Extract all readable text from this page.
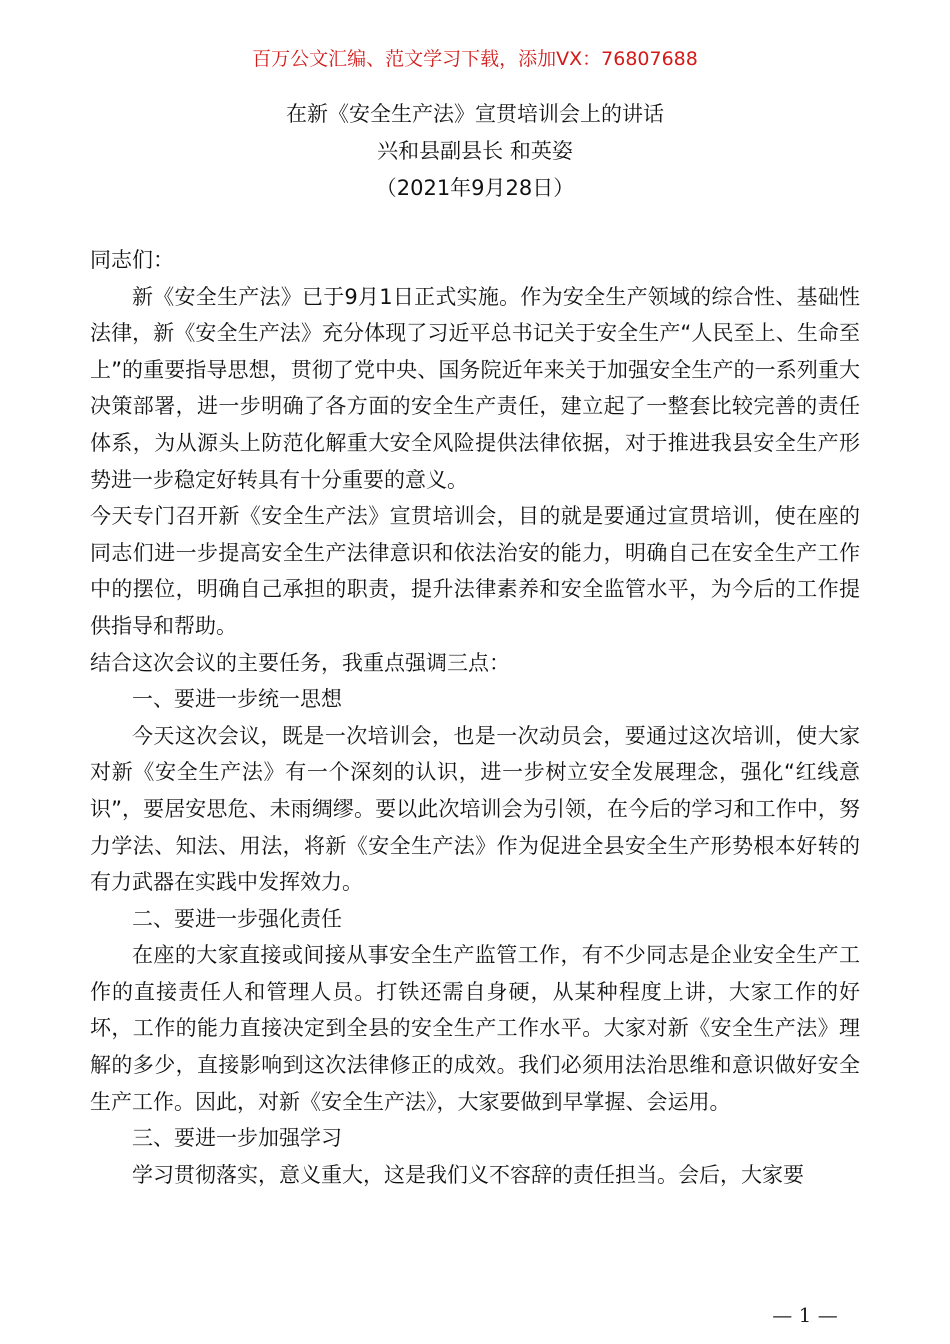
百万公文汇编、范文学习下载，添加VX：76807688
在新《安全生产法》宣贯培训会上的讲话
兴和县副县长 和英姿
（2021年9月28日）

同志们：

新《安全生产法》已于9月1日正式实施。作为安全生产领域的综合性、基础性法律，新《安全生产法》充分体现了习近平总书记关于安全生产“人民至上、生命至上”的重要指导思想，贯彻了党中央、国务院近年来关于加强安全生产的一系列重大决策部署，进一步明确了各方面的安全生产责任，建立起了一整套比较完善的责任体系，为从源头上防范化解重大安全风险提供法律依据，对于推进我县安全生产形势进一步稳定好转具有十分重要的意义。

今天专门召开新《安全生产法》宣贯培训会，目的就是要通过宣贯培训，使在座的同志们进一步提高安全生产法律意识和依法治安的能力，明确自己在安全生产工作中的摆位，明确自己承担的职责，提升法律素养和安全监管水平，为今后的工作提供指导和帮助。

结合这次会议的主要任务，我重点强调三点：

一、要进一步统一思想

今天这次会议，既是一次培训会，也是一次动员会，要通过这次培训，使大家对新《安全生产法》有一个深刻的认识，进一步树立安全发展理念，强化“红线意识”，要居安思危、未雨绸缪。要以此次培训会为引领，在今后的学习和工作中，努力学法、知法、用法，将新《安全生产法》作为促进全县安全生产形势根本好转的有力武器在实践中发挥效力。

二、要进一步强化责任

在座的大家直接或间接从事安全生产监管工作，有不少同志是企业安全生产工作的直接责任人和管理人员。打铁还需自身硬，从某种程度上讲，大家工作的好坏，工作的能力直接决定到全县的安全生产工作水平。大家对新《安全生产法》理解的多少，直接影响到这次法律修正的成效。我们必须用法治思维和意识做好安全生产工作。因此，对新《安全生产法》，大家要做到早掌握、会运用。

三、要进一步加强学习

学习贯彻落实，意义重大，这是我们义不容辞的责任担当。会后，大家要

— 1 —
